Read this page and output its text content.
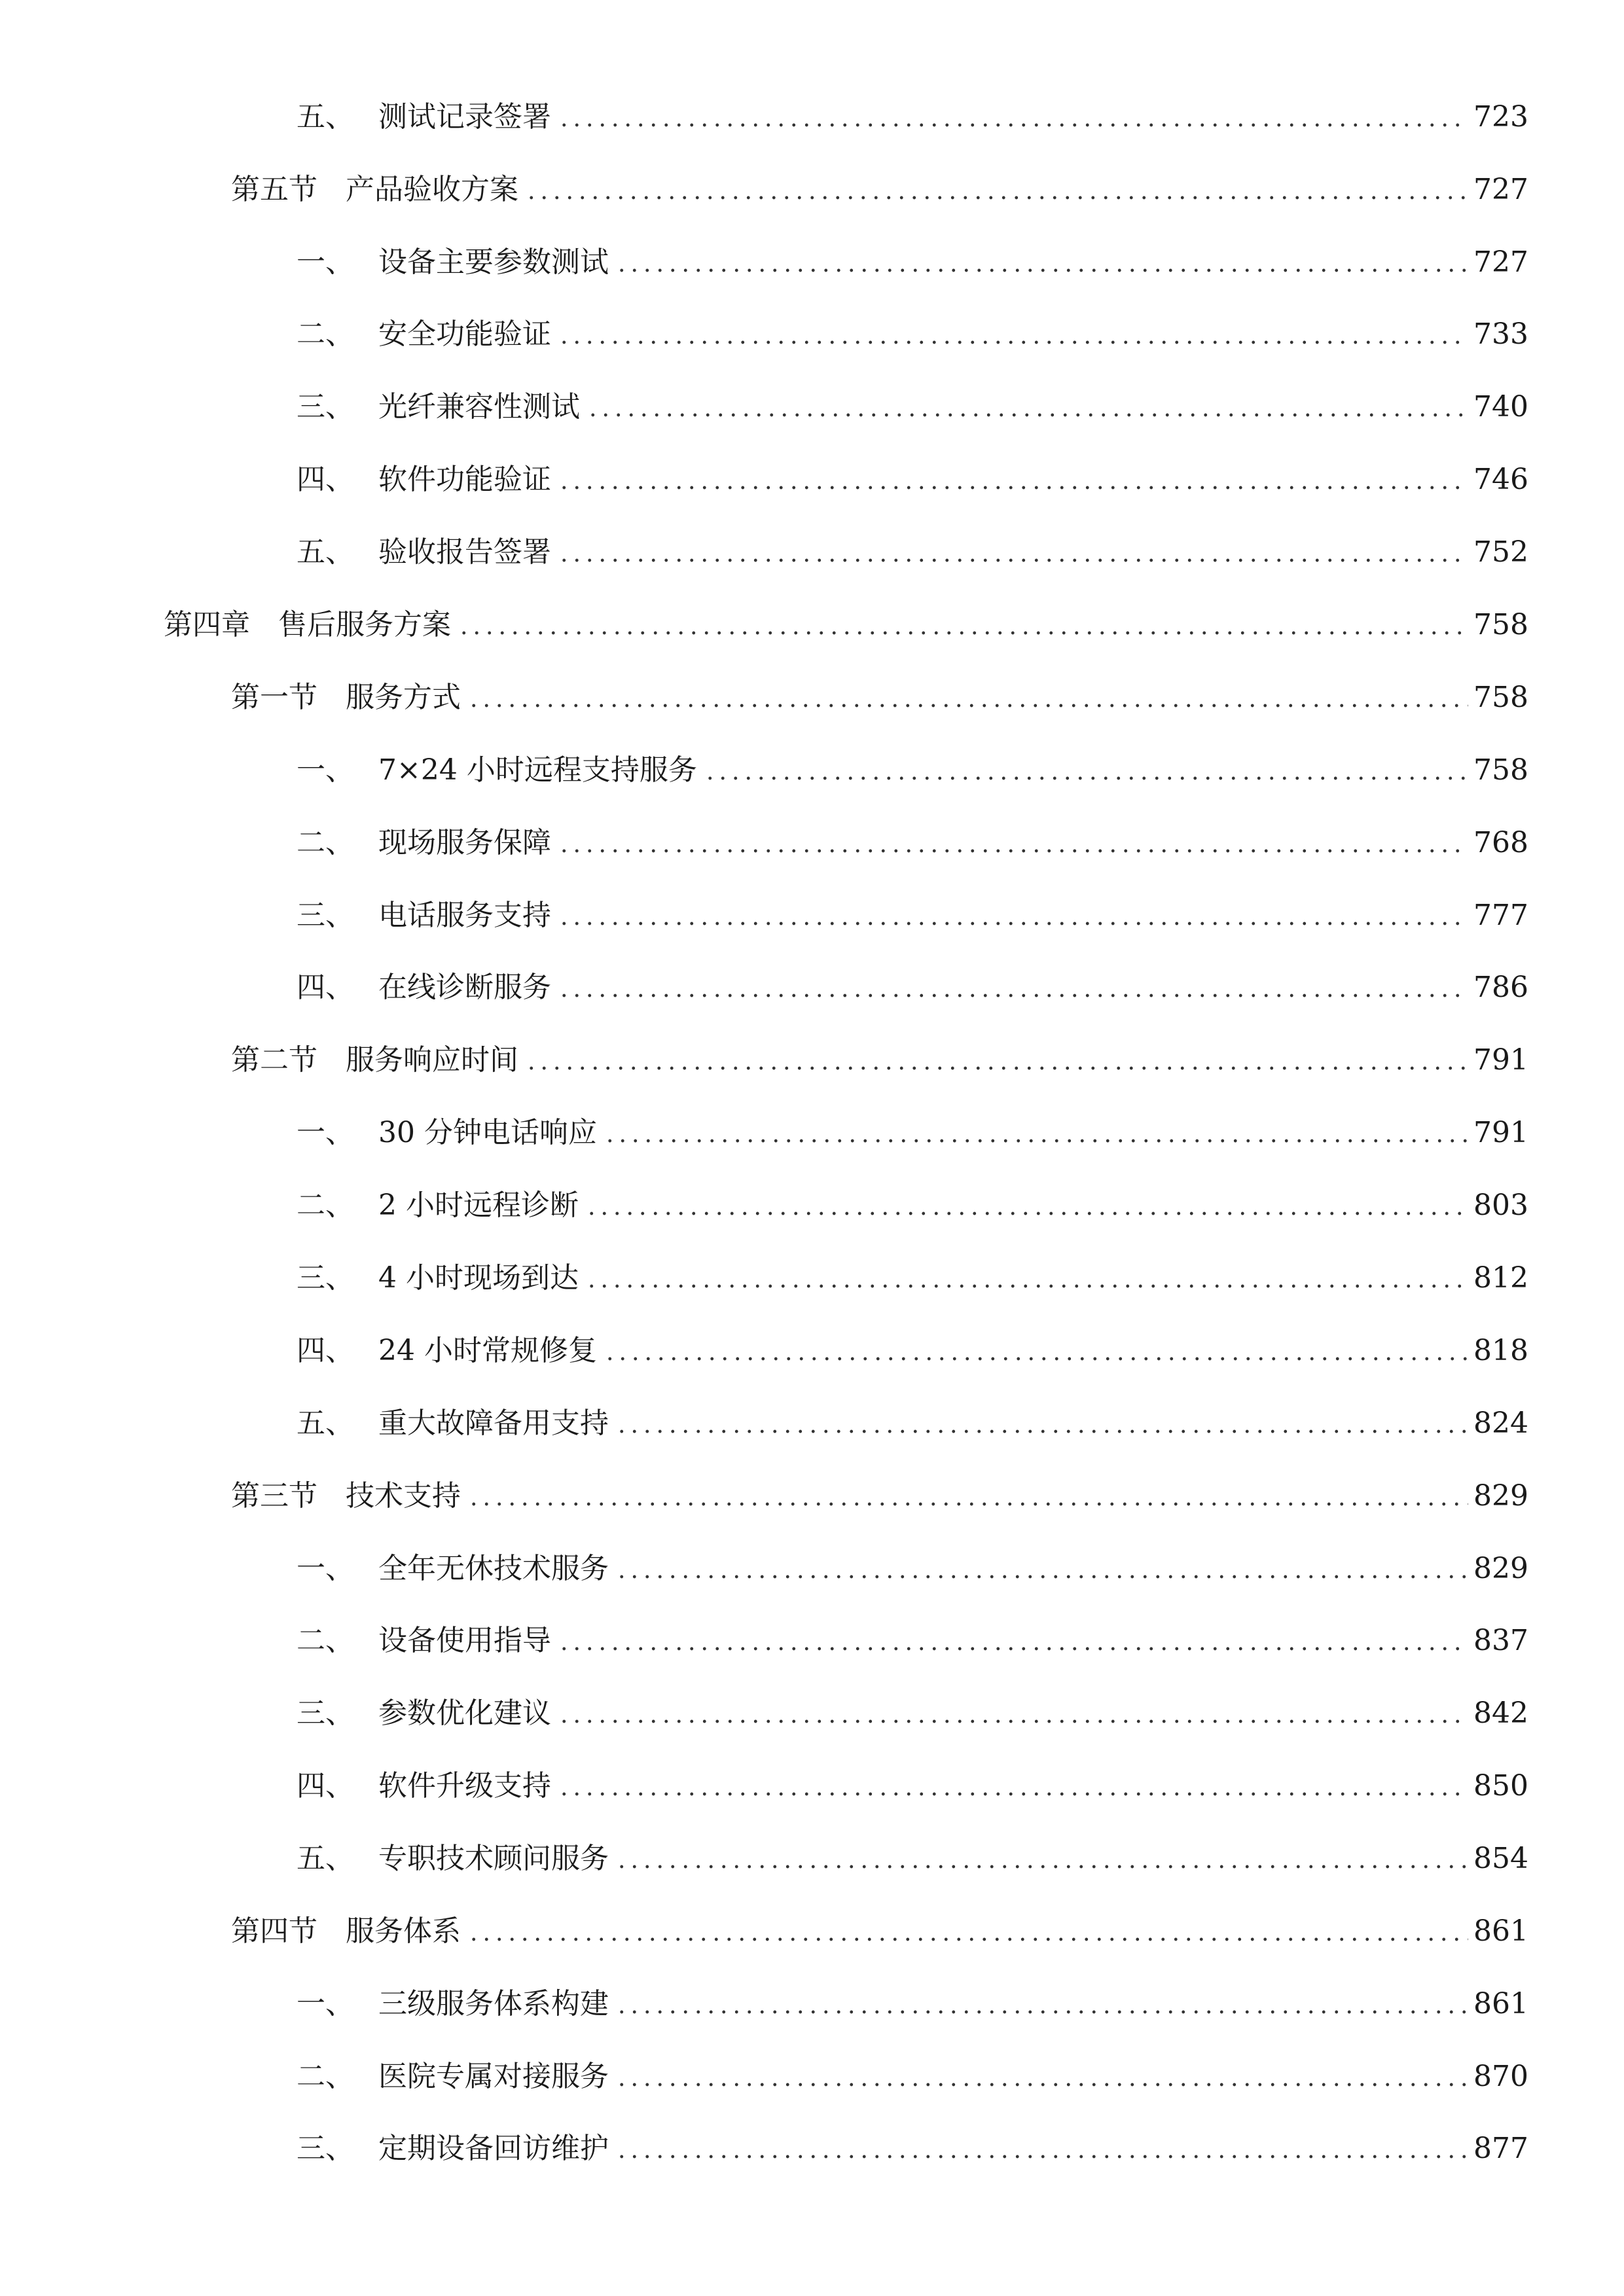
五、 测试记录签署	723
第五节 产品验收方案	727
一、 设备主要参数测试	727
二、 安全功能验证	733
三、 光纤兼容性测试	740
四、 软件功能验证	746
五、 验收报告签署	752
第四章 售后服务方案	758
第一节 服务方式	758
一、 7×24 小时远程支持服务	758
二、 现场服务保障	768
三、 电话服务支持	777
四、 在线诊断服务	786
第二节 服务响应时间	791
一、 30 分钟电话响应	791
二、 2 小时远程诊断	803
三、 4 小时现场到达	812
四、 24 小时常规修复	818
五、 重大故障备用支持	824
第三节 技术支持	829
一、 全年无休技术服务	829
二、 设备使用指导	837
三、 参数优化建议	842
四、 软件升级支持	850
五、 专职技术顾问服务	854
第四节 服务体系	861
一、 三级服务体系构建	861
二、 医院专属对接服务	870
三、 定期设备回访维护	877
